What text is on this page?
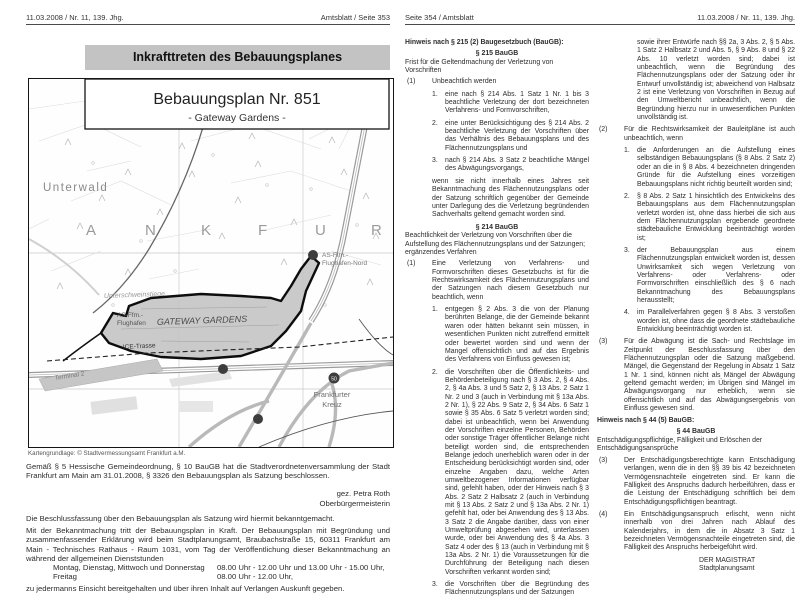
11.03.2008 / Nr. 11, 139. Jhg.	Amtsblatt / Seite 353
Inkrafttreten des Bebauungsplanes
A	N	K	F	U	R
Unterwald
Unterschweinstiege
Terminal 2
ICE-Trasse
AS-Ffm.-
Flughafen GATEWAY GARDENS
AS-Ffm.-
Flughafen-Nord
50
Frankfurter
Kreuz
Bebauungsplan Nr. 851
- Gateway Gardens -
Kartengrundlage: © Stadtvermessungsamt Frankfurt a.M.
Gemäß § 5 Hessische Gemeindeordnung, § 10 BauGB hat die Stadtverordnetenversammlung der Stadt Frankfurt am Main am 31.01.2008, § 3326 den Bebauungsplan als Satzung beschlossen.
gez. Petra Roth
Oberbürgermeisterin
Die Beschlussfassung über den Bebauungsplan als Satzung wird hiermit bekanntgemacht.
Mit der Bekanntmachung tritt der Bebauungsplan in Kraft. Der Bebauungsplan mit Begründung und zusammenfassender Erklärung wird beim Stadtplanungsamt, Braubachstraße 15, 60311 Frankfurt am Main - Technisches Rathaus - Raum 1031, vom Tag der Veröffentlichung dieser Bekanntmachung an während der allgemeinen Dienststunden
Montag, Dienstag, Mittwoch und Donnerstag	08.00 Uhr - 12.00 Uhr und 13.00 Uhr - 15.00 Uhr,
Freitag	08.00 Uhr - 12.00 Uhr,
zu jedermanns Einsicht bereitgehalten und über ihren Inhalt auf Verlangen Auskunft gegeben.
Seite 354 / Amtsblatt	11.03.2008 / Nr. 11, 139. Jhg.
Hinweis nach § 215 (2) Baugesetzbuch (BauGB):
§ 215 BauGB
Frist für die Geltendmachung der Verletzung von Vorschriften
(1) Unbeachtlich werden
1. eine nach § 214 Abs. 1 Satz 1 Nr. 1 bis 3 beachtliche Verletzung der dort bezeichneten Verfahrens- und Formvorschriften,
2. eine unter Berücksichtigung des § 214 Abs. 2 beachtliche Verletzung der Vorschriften über das Verhältnis des Bebauungsplans und des Flächennutzungsplans und
3. nach § 214 Abs. 3 Satz 2 beachtliche Mängel des Abwägungsvorgangs,
wenn sie nicht innerhalb eines Jahres seit Bekanntmachung des Flächennutzungsplans oder der Satzung schriftlich gegenüber der Gemeinde unter Darlegung des die Verletzung begründenden Sachverhalts geltend gemacht worden sind.
§ 214 BauGB
Beachtlichkeit der Verletzung von Vorschriften über die Aufstellung des Flächennutzungsplans und der Satzungen; ergänzendes Verfahren
(1) Eine Verletzung von Verfahrens- und Formvorschriften dieses Gesetzbuchs ist für die Rechtswirksamkeit des Flächennutzungsplans und der Satzungen nach diesem Gesetzbuch nur beachtlich, wenn
1. entgegen § 2 Abs. 3 die von der Planung berührten Belange, die der Gemeinde bekannt waren oder hätten bekannt sein müssen, in wesentlichen Punkten nicht zutreffend ermittelt oder bewertet worden sind und wenn der Mangel offensichtlich und auf das Ergebnis des Verfahrens von Einfluss gewesen ist;
2. die Vorschriften über die Öffentlichkeits- und Behördenbeteiligung nach § 3 Abs. 2, § 4 Abs. 2, § 4a Abs. 3 und 5 Satz 2, § 13 Abs. 2 Satz 1 Nr. 2 und 3 (auch in Verbindung mit § 13a Abs. 2 Nr. 1), § 22 Abs. 9 Satz 2, § 34 Abs. 6 Satz 1 sowie § 35 Abs. 6 Satz 5 verletzt worden sind; dabei ist unbeachtlich, wenn bei Anwendung der Vorschriften einzelne Personen, Behörden oder sonstige Träger öffentlicher Belange nicht beteiligt worden sind, die entsprechenden Belange jedoch unerheblich waren oder in der Entscheidung berücksichtigt worden sind, oder einzelne Angaben dazu, welche Arten umweltbezogener Informationen verfügbar sind, gefehlt haben, oder der Hinweis nach § 3 Abs. 2 Satz 2 Halbsatz 2 (auch in Verbindung mit § 13 Abs. 2 Satz 2 und § 13a Abs. 2 Nr. 1) gefehlt hat, oder bei Anwendung des § 13 Abs. 3 Satz 2 die Angabe darüber, dass von einer Umweltprüfung abgesehen wird, unterlassen wurde, oder bei Anwendung des § 4a Abs. 3 Satz 4 oder des § 13 (auch in Verbindung mit § 13a Abs. 2 Nr. 1) die Voraussetzungen für die Durchführung der Beteiligung nach diesen Vorschriften verkannt worden sind;
3. die Vorschriften über die Begründung des Flächennutzungsplans und der Satzungen
sowie ihrer Entwürfe nach §§ 2a, 3 Abs. 2, § 5 Abs. 1 Satz 2 Halbsatz 2 und Abs. 5, § 9 Abs. 8 und § 22 Abs. 10 verletzt worden sind; dabei ist unbeachtlich, wenn die Begründung des Flächennutzungsplans oder der Satzung oder ihr Entwurf unvollständig ist; abweichend von Halbsatz 2 ist eine Verletzung von Vorschriften in Bezug auf den Umweltbericht unbeachtlich, wenn die Begründung hierzu nur in unwesentlichen Punkten unvollständig ist.
(2) Für die Rechtswirksamkeit der Bauleitpläne ist auch unbeachtlich, wenn
1. die Anforderungen an die Aufstellung eines selbständigen Bebauungsplans (§ 8 Abs. 2 Satz 2) oder an die in § 8 Abs. 4 bezeichneten dringenden Gründe für die Aufstellung eines vorzeitigen Bebauungsplans nicht richtig beurteilt worden sind;
2. § 8 Abs. 2 Satz 1 hinsichtlich des Entwickelns des Bebauungsplans aus dem Flächennutzungsplan verletzt worden ist, ohne dass hierbei die sich aus dem Flächennutzungsplan ergebende geordnete städtebauliche Entwicklung beeinträchtigt worden ist;
3. der Bebauungsplan aus einem Flächennutzungsplan entwickelt worden ist, dessen Unwirksamkeit sich wegen Verletzung von Verfahrens- oder Verfahrens- oder Formvorschriften einschließlich des § 6 nach Bekanntmachung des Bebauungsplans herausstellt;
4. im Parallelverfahren gegen § 8 Abs. 3 verstoßen worden ist, ohne dass die geordnete städtebauliche Entwicklung beeinträchtigt worden ist.
(3) Für die Abwägung ist die Sach- und Rechtslage im Zeitpunkt der Beschlussfassung über den Flächennutzungsplan oder die Satzung maßgebend. Mängel, die Gegenstand der Regelung in Absatz 1 Satz 1 Nr. 1 sind, können nicht als Mängel der Abwägung geltend gemacht werden; im Übrigen sind Mängel im Abwägungsvorgang nur erheblich, wenn sie offensichtlich und auf das Abwägungsergebnis von Einfluss gewesen sind.
Hinweis nach § 44 (5) BauGB:
§ 44 BauGB
Entschädigungspflichtige, Fälligkeit und Erlöschen der Entschädigungsansprüche
(3) Der Entschädigungsberechtigte kann Entschädigung verlangen, wenn die in den §§ 39 bis 42 bezeichneten Vermögensnachteile eingetreten sind. Er kann die Fälligkeit des Anspruchs dadurch herbeiführen, dass er die Leistung der Entschädigung schriftlich bei dem Entschädigungspflichtigen beantragt.
(4) Ein Entschädigungsanspruch erlischt, wenn nicht innerhalb von drei Jahren nach Ablauf des Kalenderjahrs, in dem die in Absatz 3 Satz 1 bezeichneten Vermögensnachteile eingetreten sind, die Fälligkeit des Anspruchs herbeigeführt wird.
DER MAGISTRAT
Stadtplanungsamt
